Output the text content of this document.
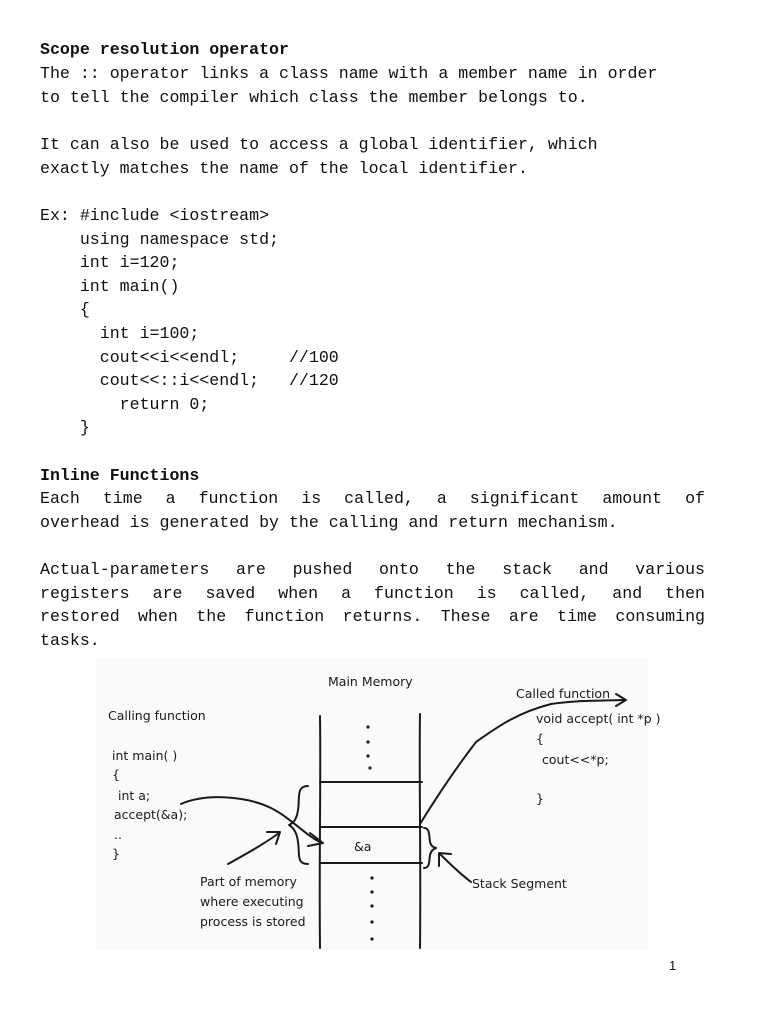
Scope resolution operator
The :: operator links a class name with a member name in order
to tell the compiler which class the member belongs to.
It can also be used to access a global identifier, which
exactly matches the name of the local identifier.
Ex: #include <iostream>
using namespace std;
int i=120;
int main()
{
int i=100;
cout<<i<<endl;     //100
cout<<::i<<endl;   //120
return 0;
}
Inline Functions
Each time a function is called, a significant amount of
overhead is generated by the calling and return mechanism.
Actual-parameters are pushed onto the stack and various
registers are saved when a function is called, and then
restored when the function returns. These are time consuming
tasks.
Main Memory
Called function
void accept( int *p )
{
cout<<*p;
}
Calling function
int main( )
{
int a;
accept(&a);
..
}	&a
Part of memory
where executing
process is stored
Stack Segment
1
